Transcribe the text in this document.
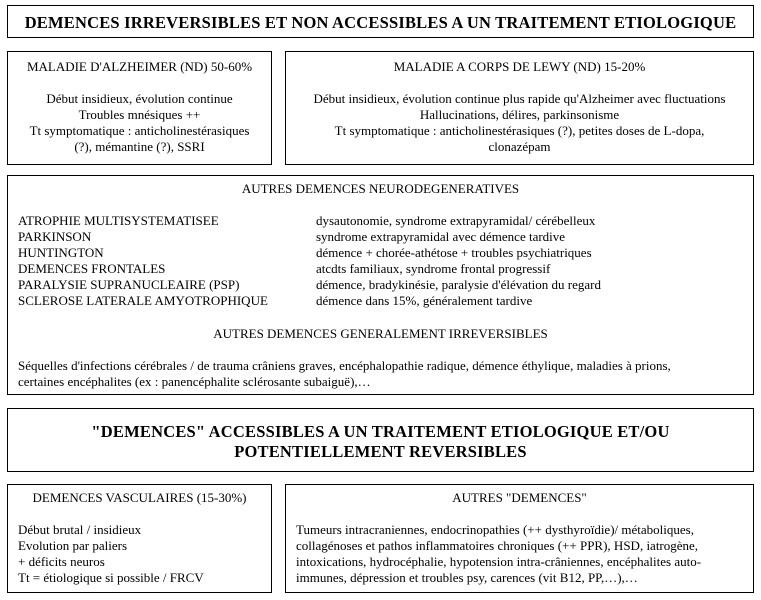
DEMENCES IRREVERSIBLES ET NON ACCESSIBLES A UN TRAITEMENT ETIOLOGIQUE
MALADIE D'ALZHEIMER (ND) 50-60%
Début insidieux, évolution continue
Troubles mnésiques ++
Tt symptomatique : anticholinestérasiques
(?), mémantine (?), SSRI
MALADIE A CORPS DE LEWY (ND) 15-20%
Début insidieux, évolution continue plus rapide qu'Alzheimer avec fluctuations
Hallucinations, délires, parkinsonisme
Tt symptomatique : anticholinestérasiques (?), petites doses de L-dopa,
clonazépam
AUTRES DEMENCES NEURODEGENERATIVES
ATROPHIE MULTISYSTEMATISEE	dysautonomie, syndrome extrapyramidal/ cérébelleux
PARKINSON	syndrome extrapyramidal avec démence tardive
HUNTINGTON	démence + chorée-athétose + troubles psychiatriques
DEMENCES FRONTALES	atcdts familiaux, syndrome frontal progressif
PARALYSIE SUPRANUCLEAIRE (PSP)	démence, bradykinésie, paralysie d'élévation du regard
SCLEROSE LATERALE AMYOTROPHIQUE	démence dans 15%, généralement tardive
AUTRES DEMENCES GENERALEMENT IRREVERSIBLES
Séquelles d'infections cérébrales / de trauma crâniens graves, encéphalopathie radique, démence éthylique, maladies à prions,
certaines encéphalites (ex : panencéphalite sclérosante subaiguë),…
"DEMENCES" ACCESSIBLES A UN TRAITEMENT ETIOLOGIQUE ET/OU
POTENTIELLEMENT REVERSIBLES
DEMENCES VASCULAIRES (15-30%)
Début brutal / insidieux
Evolution par paliers
+ déficits neuros
Tt = étiologique si possible / FRCV
AUTRES "DEMENCES"
Tumeurs intracraniennes, endocrinopathies (++ dysthyroïdie)/ métaboliques,
collagénoses et pathos inflammatoires chroniques (++ PPR), HSD, iatrogène,
intoxications, hydrocéphalie, hypotension intra-crâniennes, encéphalites auto-
immunes, dépression et troubles psy, carences (vit B12, PP,…),…
